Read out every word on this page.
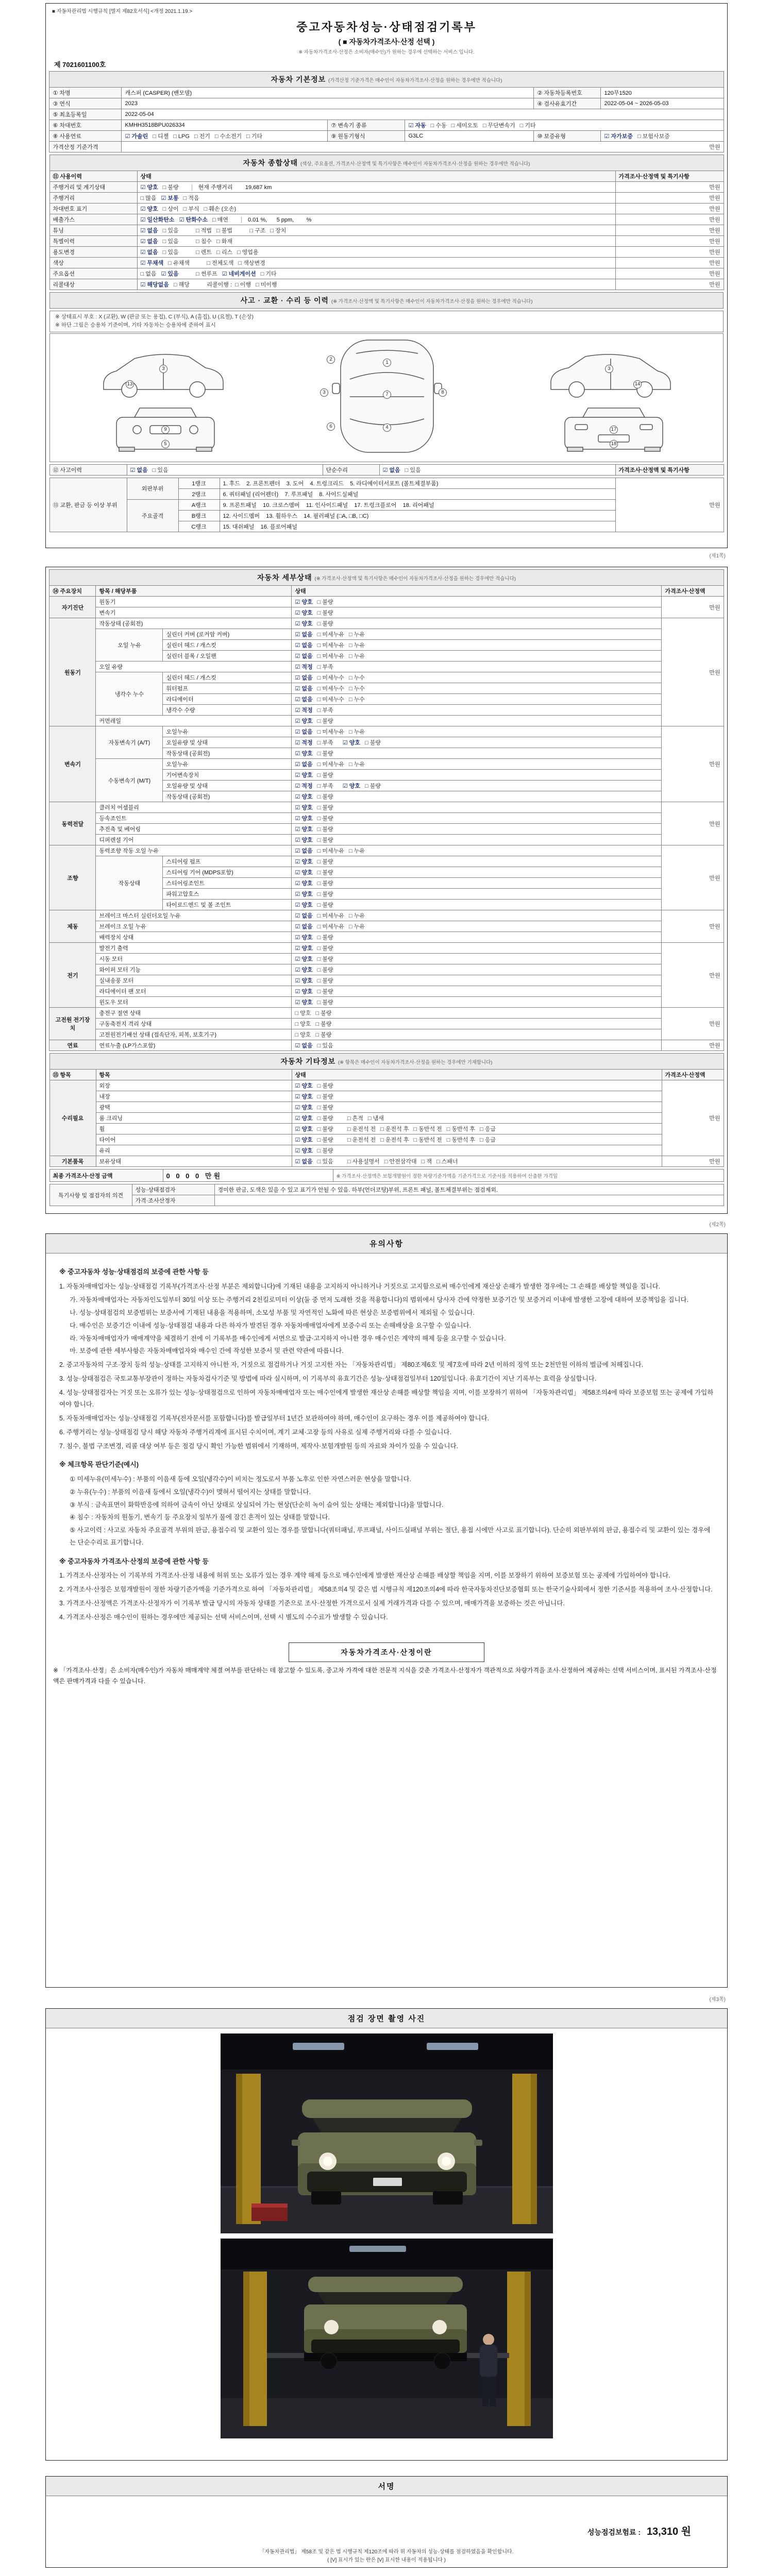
■ 자동차관리법 시행규칙 [별지 제82호서식] <개정 2021.1.19.>
중고자동차성능·상태점검기록부
( ■ 자동차가격조사·산정 선택 )
※ 자동차가격조사·산정은 소비자(매수인)가 원하는 경우에 선택하는 서비스 입니다.
제 7021601100호
자동차 기본정보 (가격산정 기준가격은 매수인이 자동차가격조사·산정을 원하는 경우에만 적습니다)					
① 차명	캐스퍼 (CASPER) (밴모델)			② 자동차등록번호	120무1520
③ 연식	2023			④ 검사유효기간	2022-05-04 ~ 2026-05-03
⑤ 최초등록일	2022-05-04				
⑥ 차대번호	KMHH3518BPU026334	⑦ 변속기 종류	☑ 자동 □ 수동 □ 세미오토 □ 무단변속기 □ 기타		
⑧ 사용연료	☑ 가솔린 □ 디젤 □ LPG □ 전기 □ 수소전기 □ 기타	⑨ 원동기형식	G3LC	⑩ 보증유형	☑ 자가보증 □ 보험사보증
가격산정 기준가격	만원				
자동차 종합상태 (색상, 주요옵션, 가격조사·산정액 및 특기사항은 매수인이 자동차가격조사·산정을 원하는 경우에만 적습니다)		
⑪ 사용이력	상태	가격조사·산정액 및 특기사항
주행거리 및 계기상태	☑ 양호 □ 불량 현재 주행거리        19,687 km	만원
주행거리	□ 많음 ☑ 보통 □ 적음	만원
차대번호 표기	☑ 양호 □ 상이 □ 부식 □ 훼손 (오손)	만원
배출가스	☑ 일산화탄소 ☑ 탄화수소 □ 매연 0.01 %,      5 ppm,        %	만원
튜닝	☑ 없음 □ 있음 □ 적법 □ 불법 □ 구조 □ 장치	만원
특별이력	☑ 없음 □ 있음 □ 침수 □ 화재	만원
용도변경	☑ 없음 □ 있음 □ 렌트 □ 리스 □ 영업용	만원
색상	☑ 무채색 □ 유채색 □ 전체도색 □ 색상변경	만원
주요옵션	□ 없음 ☑ 있음 □ 썬루프 ☑ 네비게이션 □ 기타	만원
리콜대상	☑ 해당없음 □ 해당        리콜이행 :  □ 이행 □ 미이행	만원
사고 · 교환 · 수리 등 이력 (※ 가격조사·산정액 및 특기사항은 매수인이 자동차가격조사·산정을 원하는 경우에만 적습니다)
※ 상태표시 부호 : X (교환), W (판금 또는 용접), C (부식), A (흠집), U (요철), T (손상)
※ 하단 그림은 승용차 기준이며, 기타 자동차는 승용차에 준하여 표시
3
13
2
1
7
4
3
6
8
3
14
9
5
17
18
⑫ 사고이력	☑ 없음 □ 있음	단순수리	☑ 없음 □ 있음	가격조사·산정액 및 특기사항
⑬ 교환, 판금 등 이상 부위	외판부위	1랭크	1. 후드    2. 프론트펜더    3. 도어    4. 트렁크리드    5. 라디에이터서포트 (볼트체결부품)	만원
		2랭크	6. 쿼터패널 (리어펜더)    7. 루프패널    8. 사이드실패널	
	주요골격	A랭크	9. 프론트패널    10. 크로스멤버    11. 인사이드패널    17. 트렁크플로어    18. 리어패널	
		B랭크	12. 사이드멤버    13. 휠하우스    14. 필러패널 (□A, □B, □C)	
		C랭크	15. 대쉬패널    16. 플로어패널	
(제1쪽)
자동차 세부상태 (※ 가격조사·산정액 및 특기사항은 매수인이 자동차가격조사·산정을 원하는 경우에만 적습니다)				
⑭ 주요장치	항목 / 해당부품		상태	가격조사·산정액
자기진단	원동기		☑ 양호 □ 불량	만원
	변속기		☑ 양호 □ 불량	
원동기	작동상태 (공회전)		☑ 양호 □ 불량	만원
	오일 누유	실린더 커버 (로커암 커버)	☑ 없음 □ 미세누유 □ 누유	
		실린더 헤드 / 개스킷	☑ 없음 □ 미세누유 □ 누유	
		실린더 블록 / 오일팬	☑ 없음 □ 미세누유 □ 누유	
	오일 유량		☑ 적정 □ 부족	
	냉각수 누수	실린더 헤드 / 개스킷	☑ 없음 □ 미세누수 □ 누수	
		워터펌프	☑ 없음 □ 미세누수 □ 누수	
		라디에이터	☑ 없음 □ 미세누수 □ 누수	
		냉각수 수량	☑ 적정 □ 부족	
	커먼레일		☑ 양호 □ 불량	
변속기	자동변속기 (A/T)	오일누유	☑ 없음 □ 미세누유 □ 누유	만원
		오일유량 및 상태	☑ 적정 □ 부족 ☑ 양호 □ 불량	
		작동상태 (공회전)	☑ 양호 □ 불량	
	수동변속기 (M/T)	오일누유	☑ 없음 □ 미세누유 □ 누유	
		기어변속장치	☑ 양호 □ 불량	
		오일유량 및 상태	☑ 적정 □ 부족 ☑ 양호 □ 불량	
		작동상태 (공회전)	☑ 양호 □ 불량	
동력전달	클러치 어셈블리		☑ 양호 □ 불량	만원
	등속조인트		☑ 양호 □ 불량	
	추진축 및 베어링		☑ 양호 □ 불량	
	디퍼렌셜 기어		☑ 양호 □ 불량	
조향	동력조향 작동 오일 누유		☑ 없음 □ 미세누유 □ 누유	만원
	작동상태	스티어링 펌프	☑ 양호 □ 불량	
		스티어링 기어 (MDPS포함)	☑ 양호 □ 불량	
		스티어링조인트	☑ 양호 □ 불량	
		파워고압호스	☑ 양호 □ 불량	
		타이로드엔드 및 볼 조인트	☑ 양호 □ 불량	
제동	브레이크 마스터 실린더오일 누유		☑ 없음 □ 미세누유 □ 누유	만원
	브레이크 오일 누유		☑ 없음 □ 미세누유 □ 누유	
	배력장치 상태		☑ 양호 □ 불량	
전기	발전기 출력		☑ 양호 □ 불량	만원
	시동 모터		☑ 양호 □ 불량	
	와이퍼 모터 기능		☑ 양호 □ 불량	
	실내송풍 모터		☑ 양호 □ 불량	
	라디에이터 팬 모터		☑ 양호 □ 불량	
	윈도우 모터		☑ 양호 □ 불량	
고전원 전기장치	충전구 절연 상태		□ 양호 □ 불량	만원
	구동축전지 격리 상태		□ 양호 □ 불량	
	고전원전기배선 상태 (접속단자, 피복, 보호기구)		□ 양호 □ 불량	
연료	연료누출 (LP가스포함)		☑ 없음 □ 있음	만원
자동차 기타정보 (※ 항목은 매수인이 자동차가격조사·산정을 원하는 경우에만 기재합니다)			
⑮ 항목	항목	상태	가격조사·산정액
수리필요	외장	☑ 양호 □ 불량	만원
	내장	☑ 양호 □ 불량	
	광택	☑ 양호 □ 불량	
	룸 크리닝	☑ 양호 □ 불량 □ 흔적 □ 냄새	
	휠	☑ 양호 □ 불량 □ 운전석 전 □ 운전석 후 □ 동반석 전 □ 동반석 후 □ 응급	
	타이어	☑ 양호 □ 불량 □ 운전석 전 □ 운전석 후 □ 동반석 전 □ 동반석 후 □ 응급	
	유리	☑ 양호 □ 불량	
기본품목	보유상태	☑ 없음 □ 있음 □ 사용설명서 □ 안전삼각대 □ 잭 □ 스패너	만원
최종 가격조사·산정 금액	0 0 0 0 만원	※ 가격조사·산정액은 보험개발원이 정한 차량기준가액을 기준가격으로 기준서를 적용하여 산출한 가격임
특기사항 및 점검자의 의견	성능·상태점검자	경미한 판금, 도색은 있을 수 있고 표기가 안될 수 있음. 하부(언더코팅)부위, 프론트 패널, 볼트체결부위는 점검제외.
	가격·조사산정자	
(제2쪽)
유의사항
※ 중고자동차 성능·상태점검의 보증에 관한 사항 등
1. 자동차매매업자는 성능·상태점검 기록부(가격조사·산정 부분은 제외합니다)에 기재된 내용을 고지하지 아니하거나 거짓으로 고지함으로써 매수인에게 재산상 손해가 발생한 경우에는 그 손해를 배상할 책임을 집니다.
가. 자동차매매업자는 자동차인도일부터 30일 이상 또는 주행거리 2천킬로미터 이상(둘 중 먼저 도래한 것을 적용합니다)의 범위에서 당사자 간에 약정한 보증기간 및 보증거리 이내에 발생한 고장에 대하여 보증책임을 집니다.
나. 성능·상태점검의 보증범위는 보증서에 기재된 내용을 적용하며, 소모성 부품 및 자연적인 노화에 따른 현상은 보증범위에서 제외될 수 있습니다.
다. 매수인은 보증기간 이내에 성능·상태점검 내용과 다른 하자가 발견된 경우 자동차매매업자에게 보증수리 또는 손해배상을 요구할 수 있습니다.
라. 자동차매매업자가 매매계약을 체결하기 전에 이 기록부를 매수인에게 서면으로 발급·고지하지 아니한 경우 매수인은 계약의 해제 등을 요구할 수 있습니다.
마. 보증에 관한 세부사항은 자동차매매업자와 매수인 간에 작성한 보증서 및 관련 약관에 따릅니다.
2. 중고자동차의 구조·장치 등의 성능·상태를 고지하지 아니한 자, 거짓으로 점검하거나 거짓 고지한 자는 「자동차관리법」 제80조제6호 및 제7호에 따라 2년 이하의 징역 또는 2천만원 이하의 벌금에 처해집니다.
3. 성능·상태점검은 국토교통부장관이 정하는 자동차검사기준 및 방법에 따라 실시하며, 이 기록부의 유효기간은 성능·상태점검일부터 120일입니다. 유효기간이 지난 기록부는 효력을 상실합니다.
4. 성능·상태점검자는 거짓 또는 오류가 있는 성능·상태점검으로 인하여 자동차매매업자 또는 매수인에게 발생한 재산상 손해를 배상할 책임을 지며, 이를 보장하기 위하여 「자동차관리법」 제58조의4에 따라 보증보험 또는 공제에 가입하여야 합니다.
5. 자동차매매업자는 성능·상태점검 기록부(전자문서를 포함합니다)를 발급일부터 1년간 보관하여야 하며, 매수인이 요구하는 경우 이를 제공하여야 합니다.
6. 주행거리는 성능·상태점검 당시 해당 자동차 주행거리계에 표시된 수치이며, 계기 교체·고장 등의 사유로 실제 주행거리와 다를 수 있습니다.
7. 침수, 불법 구조변경, 리콜 대상 여부 등은 점검 당시 확인 가능한 범위에서 기재하며, 제작사·보험개발원 등의 자료와 차이가 있을 수 있습니다.
※ 체크항목 판단기준(예시)
① 미세누유(미세누수) : 부품의 이음새 등에 오일(냉각수)이 비치는 정도로서 부품 노후로 인한 자연스러운 현상을 말합니다.
② 누유(누수) : 부품의 이음새 등에서 오일(냉각수)이 맺혀서 떨어지는 상태를 말합니다.
③ 부식 : 금속표면이 화학반응에 의하여 금속이 아닌 상태로 상실되어 가는 현상(단순히 녹이 슬어 있는 상태는 제외합니다)을 말합니다.
④ 침수 : 자동차의 원동기, 변속기 등 주요장치 일부가 물에 잠긴 흔적이 있는 상태를 말합니다.
⑤ 사고이력 : 사고로 자동차 주요골격 부위의 판금, 용접수리 및 교환이 있는 경우를 말합니다(쿼터패널, 루프패널, 사이드실패널 부위는 절단, 용접 시에만 사고로 표기합니다). 단순히 외판부위의 판금, 용접수리 및 교환이 있는 경우에는 단순수리로 표기합니다.
※ 중고자동차 가격조사·산정의 보증에 관한 사항 등
1. 가격조사·산정자는 이 기록부의 가격조사·산정 내용에 허위 또는 오류가 있는 경우 계약 해제 등으로 매수인에게 발생한 재산상 손해를 배상할 책임을 지며, 이를 보장하기 위하여 보증보험 또는 공제에 가입하여야 합니다.
2. 가격조사·산정은 보험개발원이 정한 차량기준가액을 기준가격으로 하여 「자동차관리법」 제58조의4 및 같은 법 시행규칙 제120조의4에 따라 한국자동차진단보증협회 또는 한국기술사회에서 정한 기준서를 적용하여 조사·산정합니다.
3. 가격조사·산정액은 가격조사·산정자가 이 기록부 발급 당시의 자동차 상태를 기준으로 조사·산정한 가격으로서 실제 거래가격과 다를 수 있으며, 매매가격을 보증하는 것은 아닙니다.
4. 가격조사·산정은 매수인이 원하는 경우에만 제공되는 선택 서비스이며, 선택 시 별도의 수수료가 발생할 수 있습니다.
자동차가격조사·산정이란
※ 「가격조사·산정」은 소비자(매수인)가 자동차 매매계약 체결 여부를 판단하는 데 참고할 수 있도록, 중고차 가격에 대한 전문적 지식을 갖춘 가격조사·산정자가 객관적으로 차량가격을 조사·산정하여 제공하는 선택 서비스이며, 표시된 가격조사·산정액은 판매가격과 다를 수 있습니다.
(제3쪽)
점검 장면 촬영 사진
서명
성능점검보험료 : 13,310 원
「자동차관리법」 제58조 및 같은 법 시행규칙 제120조에 따라 위 자동차의 성능·상태를 점검하였음을 확인합니다.
( [V] 표시가 있는 란은 [V] 표시한 내용이 적용됩니다 )
